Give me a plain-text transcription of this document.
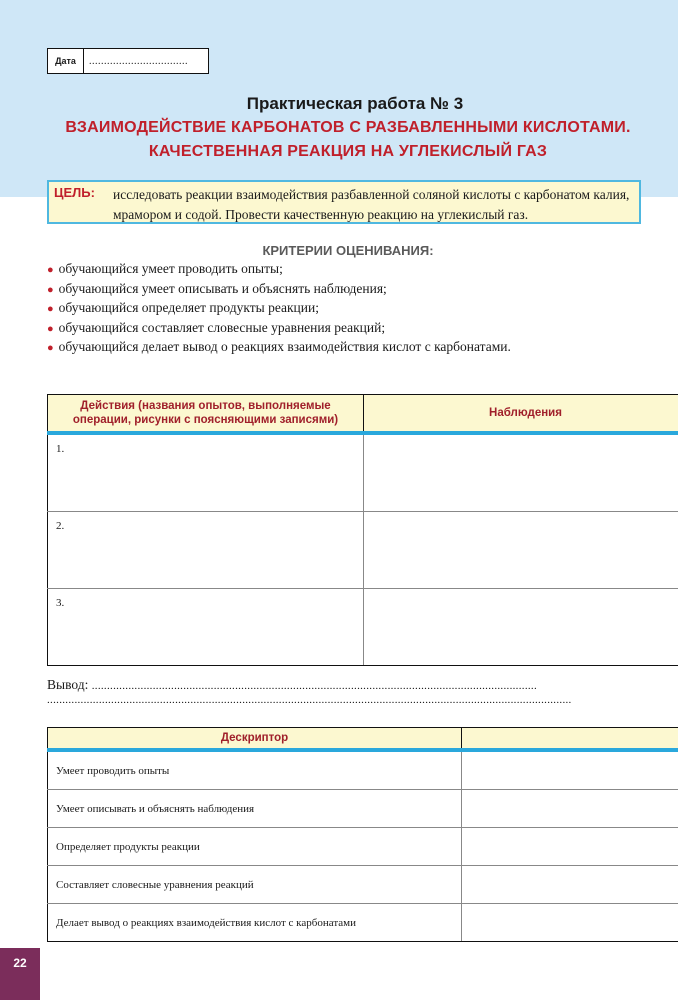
Дата	.................................
Практическая работа № 3
ВЗАИМОДЕЙСТВИЕ КАРБОНАТОВ С РАЗБАВЛЕННЫМИ КИСЛОТАМИ.
КАЧЕСТВЕННАЯ РЕАКЦИЯ НА УГЛЕКИСЛЫЙ ГАЗ
ЦЕЛЬ: исследовать реакции взаимодействия разбавленной соляной кислоты с карбонатом калия, мрамором и содой. Провести качественную реакцию на углекислый газ.
КРИТЕРИИ ОЦЕНИВАНИЯ:
● обучающийся умеет проводить опыты;
● обучающийся умеет описывать и объяснять наблюдения;
● обучающийся определяет продукты реакции;
● обучающийся составляет словесные уравнения реакций;
● обучающийся делает вывод о реакциях взаимодействия кислот с карбонатами.
Действия (названия опытов, выполняемые операции, рисунки с поясняющими записями)	Наблюдения
1.	
2.	
3.	
Вывод: ..................................................................................................................................................
............................................................................................................................................................................
Дескриптор	
Умеет проводить опыты	
Умеет описывать и объяснять наблюдения	
Определяет продукты реакции	
Составляет словесные уравнения реакций	
Делает вывод о реакциях взаимодействия кислот с карбонатами	
22
